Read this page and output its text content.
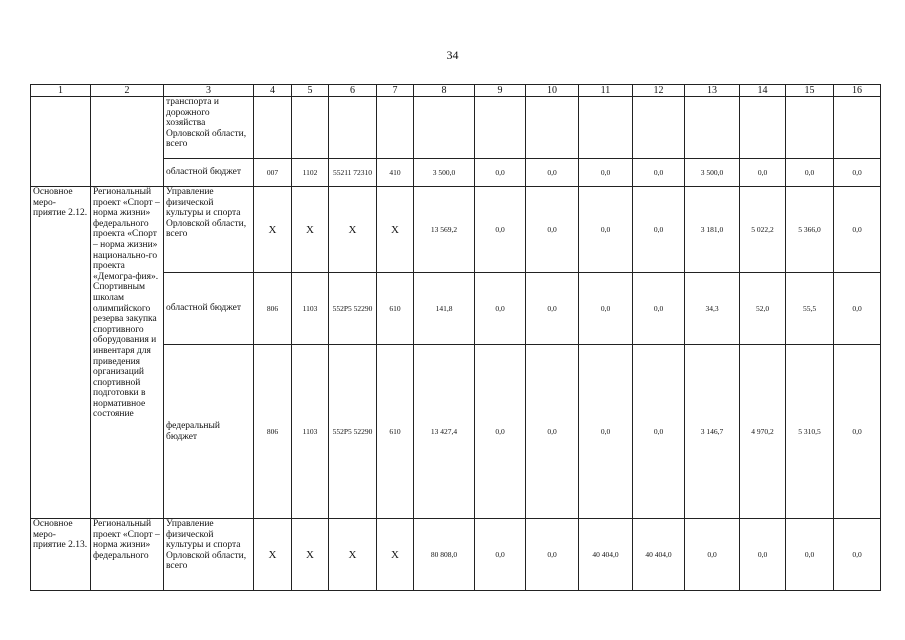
34
1	2	3	4	5	6	7	8	9	10	11	12	13	14	15	16
		транспорта и дорожного хозяйства Орловской области, всего													
		областной бюджет	007	1102	55211 72310	410	3 500,0	0,0	0,0	0,0	0,0	3 500,0	0,0	0,0	0,0
Основное меро-приятие 2.12.	Региональный проект «Спорт – норма жизни» федерального проекта «Спорт – норма жизни» национально-го проекта «Демогра-фия». Спортивным школам олимпийского резерва закупка спортивного оборудования и инвентаря для приведения организаций спортивной подготовки в нормативное состояние	Управление физической культуры и спорта Орловской области, всего	Х	Х	Х	Х	13 569,2	0,0	0,0	0,0	0,0	3 181,0	5 022,2	5 366,0	0,0
		областной бюджет	806	1103	552P5 52290	610	141,8	0,0	0,0	0,0	0,0	34,3	52,0	55,5	0,0
		федеральный бюджет	806	1103	552P5 52290	610	13 427,4	0,0	0,0	0,0	0,0	3 146,7	4 970,2	5 310,5	0,0
Основное меро-приятие 2.13.	Региональный проект «Спорт – норма жизни» федерального	Управление физической культуры и спорта Орловской области, всего	Х	Х	Х	Х	80 808,0	0,0	0,0	40 404,0	40 404,0	0,0	0,0	0,0	0,0
